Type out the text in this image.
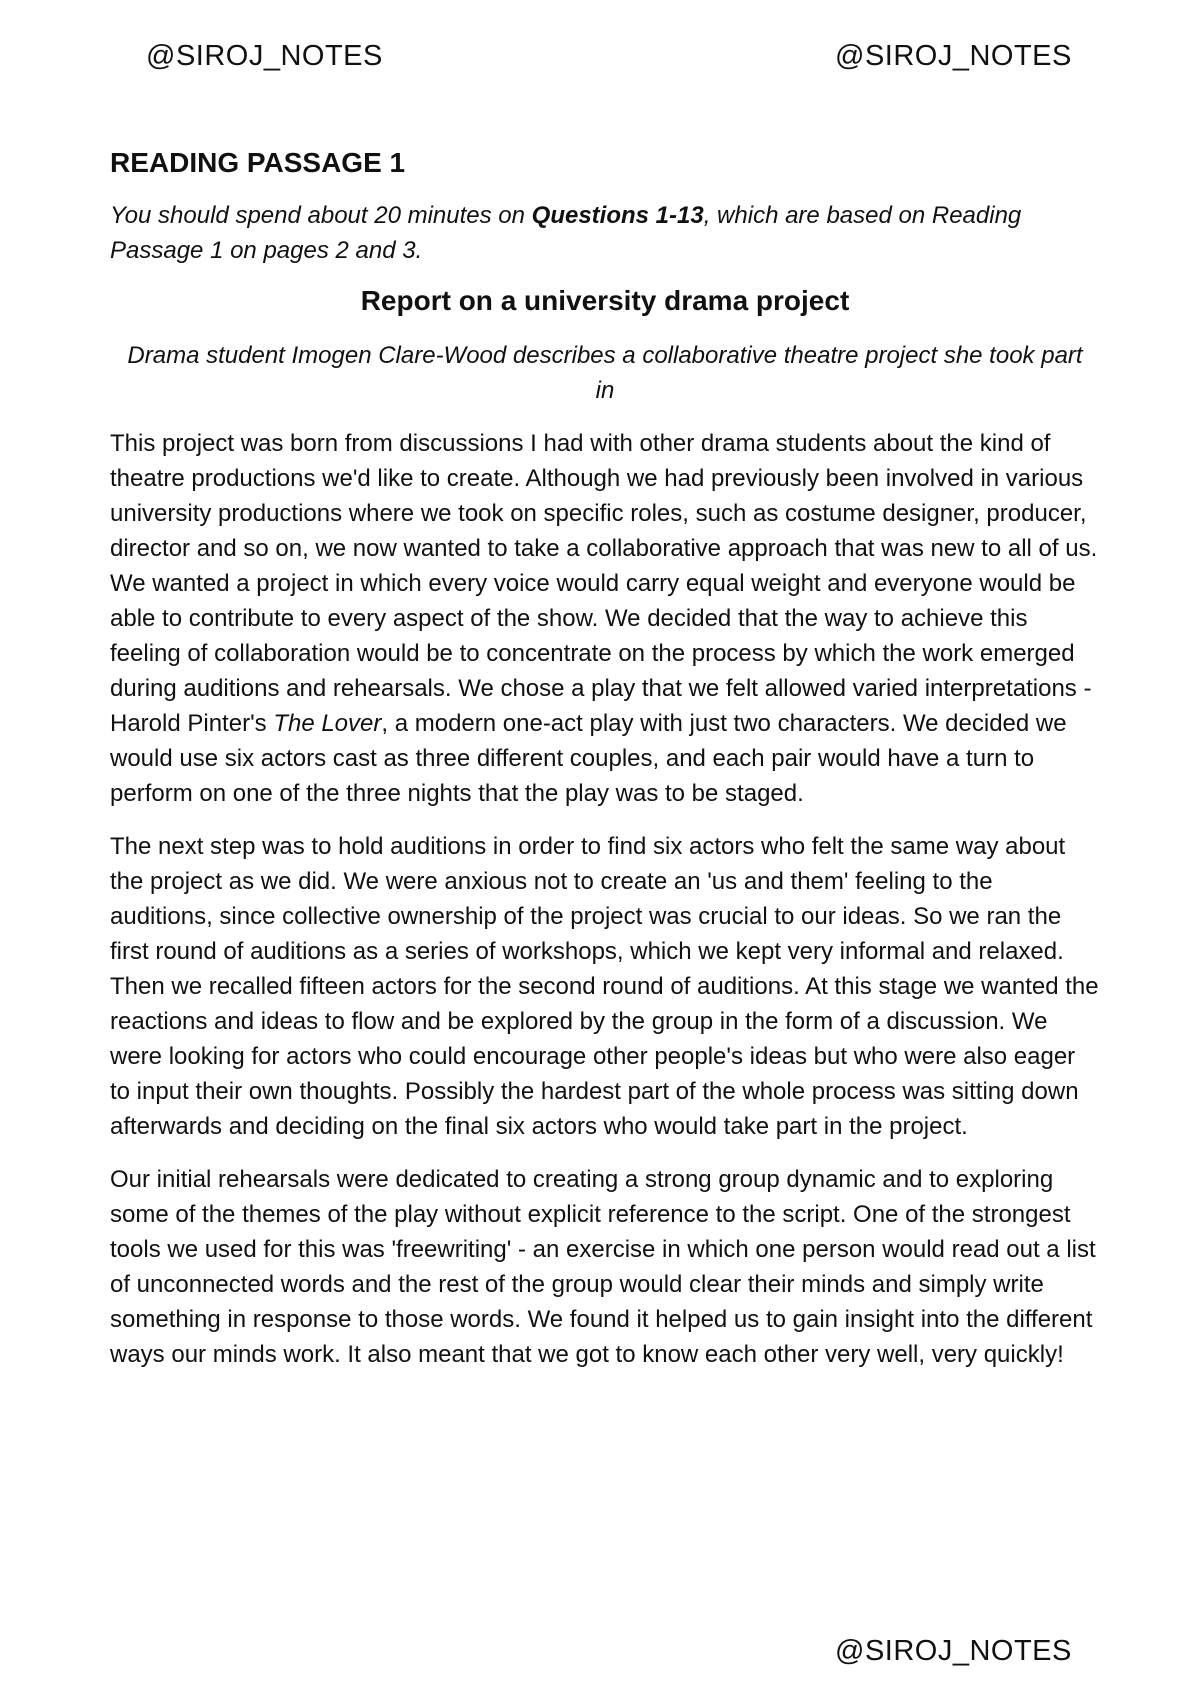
@SIROJ_NOTES	@SIROJ_NOTES
READING PASSAGE 1

You should spend about 20 minutes on Questions 1-13, which are based on Reading Passage 1 on pages 2 and 3.

Report on a university drama project

Drama student Imogen Clare-Wood describes a collaborative theatre project she took part in

This project was born from discussions I had with other drama students about the kind of theatre productions we'd like to create. Although we had previously been involved in various university productions where we took on specific roles, such as costume designer, producer, director and so on, we now wanted to take a collaborative approach that was new to all of us. We wanted a project in which every voice would carry equal weight and everyone would be able to contribute to every aspect of the show. We decided that the way to achieve this feeling of collaboration would be to concentrate on the process by which the work emerged during auditions and rehearsals. We chose a play that we felt allowed varied interpretations - Harold Pinter's The Lover, a modern one-act play with just two characters. We decided we would use six actors cast as three different couples, and each pair would have a turn to perform on one of the three nights that the play was to be staged.

The next step was to hold auditions in order to find six actors who felt the same way about the project as we did. We were anxious not to create an 'us and them' feeling to the auditions, since collective ownership of the project was crucial to our ideas. So we ran the first round of auditions as a series of workshops, which we kept very informal and relaxed. Then we recalled fifteen actors for the second round of auditions. At this stage we wanted the reactions and ideas to flow and be explored by the group in the form of a discussion. We were looking for actors who could encourage other people's ideas but who were also eager to input their own thoughts. Possibly the hardest part of the whole process was sitting down afterwards and deciding on the final six actors who would take part in the project.

Our initial rehearsals were dedicated to creating a strong group dynamic and to exploring some of the themes of the play without explicit reference to the script. One of the strongest tools we used for this was 'freewriting' - an exercise in which one person would read out a list of unconnected words and the rest of the group would clear their minds and simply write something in response to those words. We found it helped us to gain insight into the different ways our minds work. It also meant that we got to know each other very well, very quickly!

@SIROJ_NOTES
